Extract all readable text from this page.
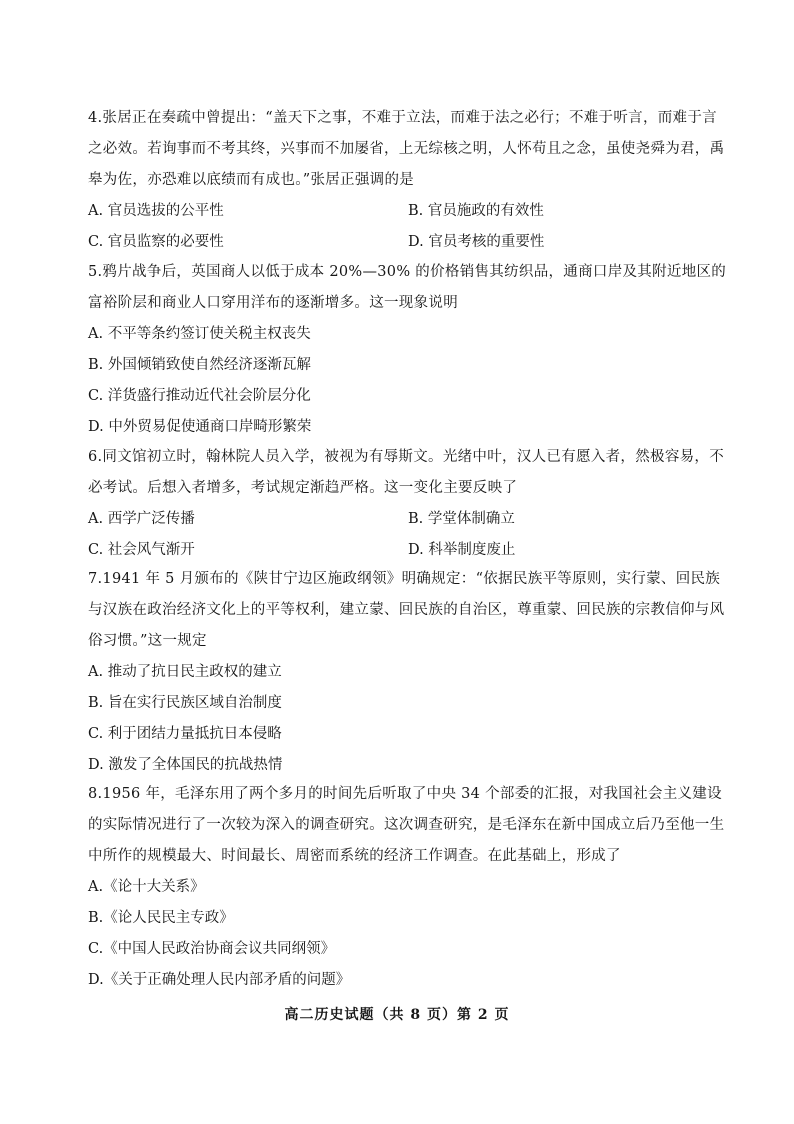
4.张居正在奏疏中曾提出：“盖天下之事，不难于立法，而难于法之必行；不难于听言，而难于言之必效。若询事而不考其终，兴事而不加屡省，上无综核之明，人怀苟且之念，虽使尧舜为君，禹皋为佐，亦恐难以底绩而有成也。”张居正强调的是

A. 官员选拔的公平性	B. 官员施政的有效性
C. 官员监察的必要性	D. 官员考核的重要性

5.鸦片战争后，英国商人以低于成本 20%—30% 的价格销售其纺织品，通商口岸及其附近地区的富裕阶层和商业人口穿用洋布的逐渐增多。这一现象说明

A. 不平等条约签订使关税主权丧失
B. 外国倾销致使自然经济逐渐瓦解
C. 洋货盛行推动近代社会阶层分化
D. 中外贸易促使通商口岸畸形繁荣

6.同文馆初立时，翰林院人员入学，被视为有辱斯文。光绪中叶，汉人已有愿入者，然极容易，不必考试。后想入者增多，考试规定渐趋严格。这一变化主要反映了

A. 西学广泛传播	B. 学堂体制确立
C. 社会风气渐开	D. 科举制度废止

7.1941 年 5 月颁布的《陕甘宁边区施政纲领》明确规定：“依据民族平等原则，实行蒙、回民族与汉族在政治经济文化上的平等权利，建立蒙、回民族的自治区，尊重蒙、回民族的宗教信仰与风俗习惯。”这一规定

A. 推动了抗日民主政权的建立
B. 旨在实行民族区域自治制度
C. 利于团结力量抵抗日本侵略
D. 激发了全体国民的抗战热情

8.1956 年，毛泽东用了两个多月的时间先后听取了中央 34 个部委的汇报，对我国社会主义建设的实际情况进行了一次较为深入的调查研究。这次调查研究，是毛泽东在新中国成立后乃至他一生中所作的规模最大、时间最长、周密而系统的经济工作调查。在此基础上，形成了

A.《论十大关系》
B.《论人民民主专政》
C.《中国人民政治协商会议共同纲领》
D.《关于正确处理人民内部矛盾的问题》
高二历史试题（共 8 页）第 2 页
